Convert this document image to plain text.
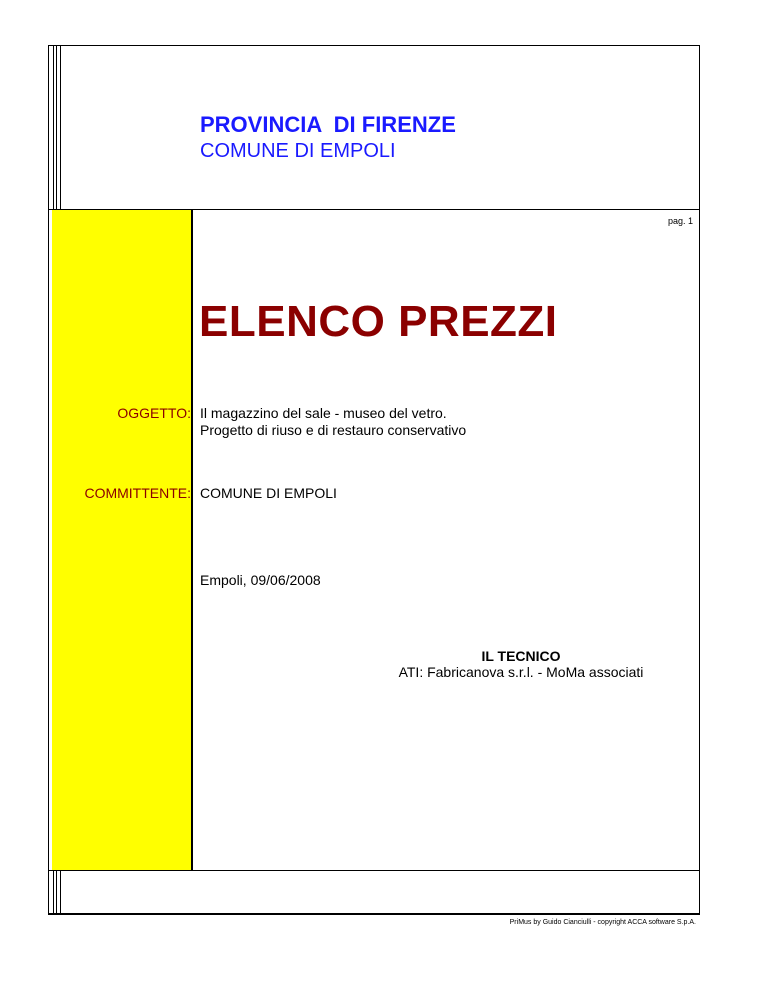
PROVINCIA  DI FIRENZE
COMUNE DI EMPOLI
pag. 1
ELENCO PREZZI
OGGETTO: Il magazzino del sale - museo del vetro.
Progetto di riuso e di restauro conservativo
COMMITTENTE: COMUNE DI EMPOLI
Empoli, 09/06/2008
IL TECNICO
ATI: Fabricanova s.r.l. - MoMa associati
PriMus by Guido Cianciulli - copyright ACCA software S.p.A.
